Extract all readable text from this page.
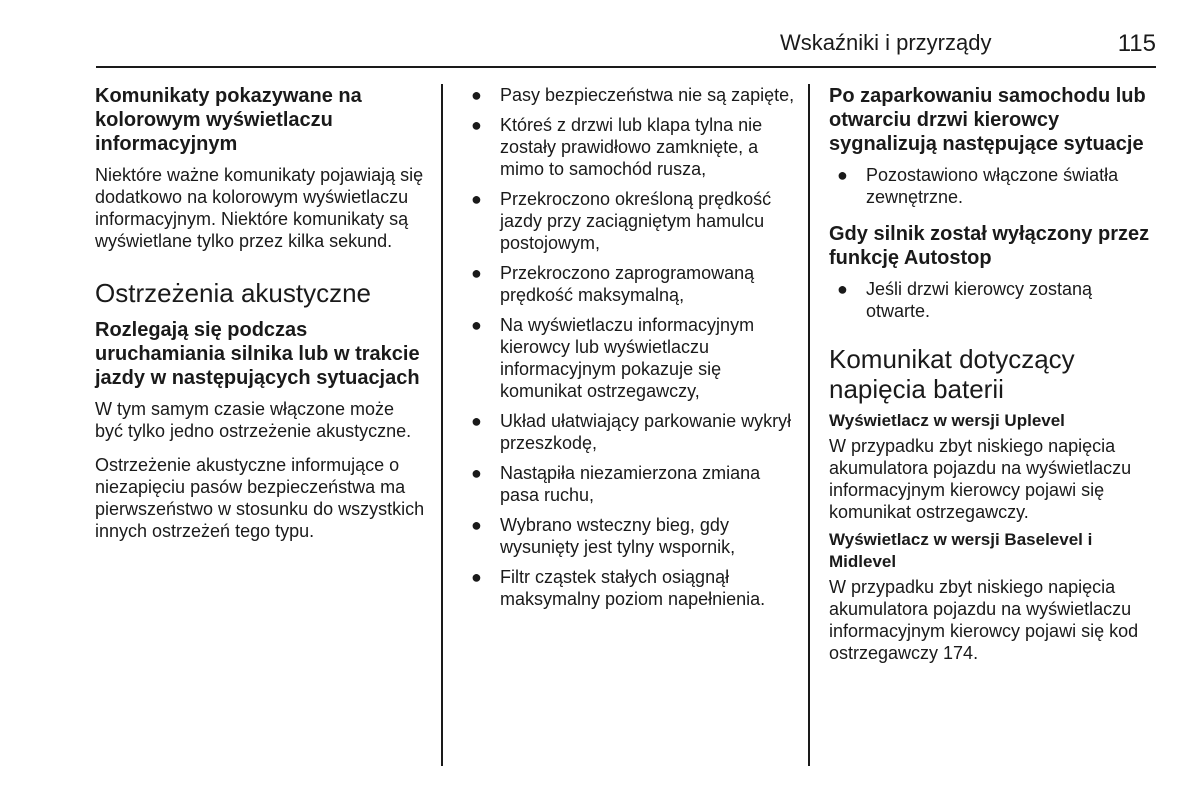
Wskaźniki i przyrządy	115
Komunikaty pokazywane na kolorowym wyświetlaczu informacyjnym

Niektóre ważne komunikaty pojawiają się dodatkowo na kolorowym wyświetlaczu informacyjnym. Niektóre komunikaty są wyświetlane tylko przez kilka sekund.

Ostrzeżenia akustyczne
Rozlegają się podczas uruchamiania silnika lub w trakcie jazdy w następujących sytuacjach

W tym samym czasie włączone może być tylko jedno ostrzeżenie akustyczne.

Ostrzeżenie akustyczne informujące o niezapięciu pasów bezpieczeństwa ma pierwszeństwo w stosunku do wszystkich innych ostrzeżeń tego typu.

● Pasy bezpieczeństwa nie są zapięte,
● Któreś z drzwi lub klapa tylna nie zostały prawidłowo zamknięte, a mimo to samochód rusza,
● Przekroczono określoną prędkość jazdy przy zaciągniętym hamulcu postojowym,
● Przekroczono zaprogramowaną prędkość maksymalną,
● Na wyświetlaczu informacyjnym kierowcy lub wyświetlaczu informacyjnym pokazuje się komunikat ostrzegawczy,
● Układ ułatwiający parkowanie wykrył przeszkodę,
● Nastąpiła niezamierzona zmiana pasa ruchu,
● Wybrano wsteczny bieg, gdy wysunięty jest tylny wspornik,
● Filtr cząstek stałych osiągnął maksymalny poziom napełnienia.
Po zaparkowaniu samochodu lub otwarciu drzwi kierowcy sygnalizują następujące sytuacje
● Pozostawiono włączone światła zewnętrzne.
Gdy silnik został wyłączony przez funkcję Autostop
● Jeśli drzwi kierowcy zostaną otwarte.
Komunikat dotyczący napięcia baterii
Wyświetlacz w wersji Uplevel

W przypadku zbyt niskiego napięcia akumulatora pojazdu na wyświetlaczu informacyjnym kierowcy pojawi się komunikat ostrzegawczy.

Wyświetlacz w wersji Baselevel i Midlevel

W przypadku zbyt niskiego napięcia akumulatora pojazdu na wyświetlaczu informacyjnym kierowcy pojawi się kod ostrzegawczy 174.
